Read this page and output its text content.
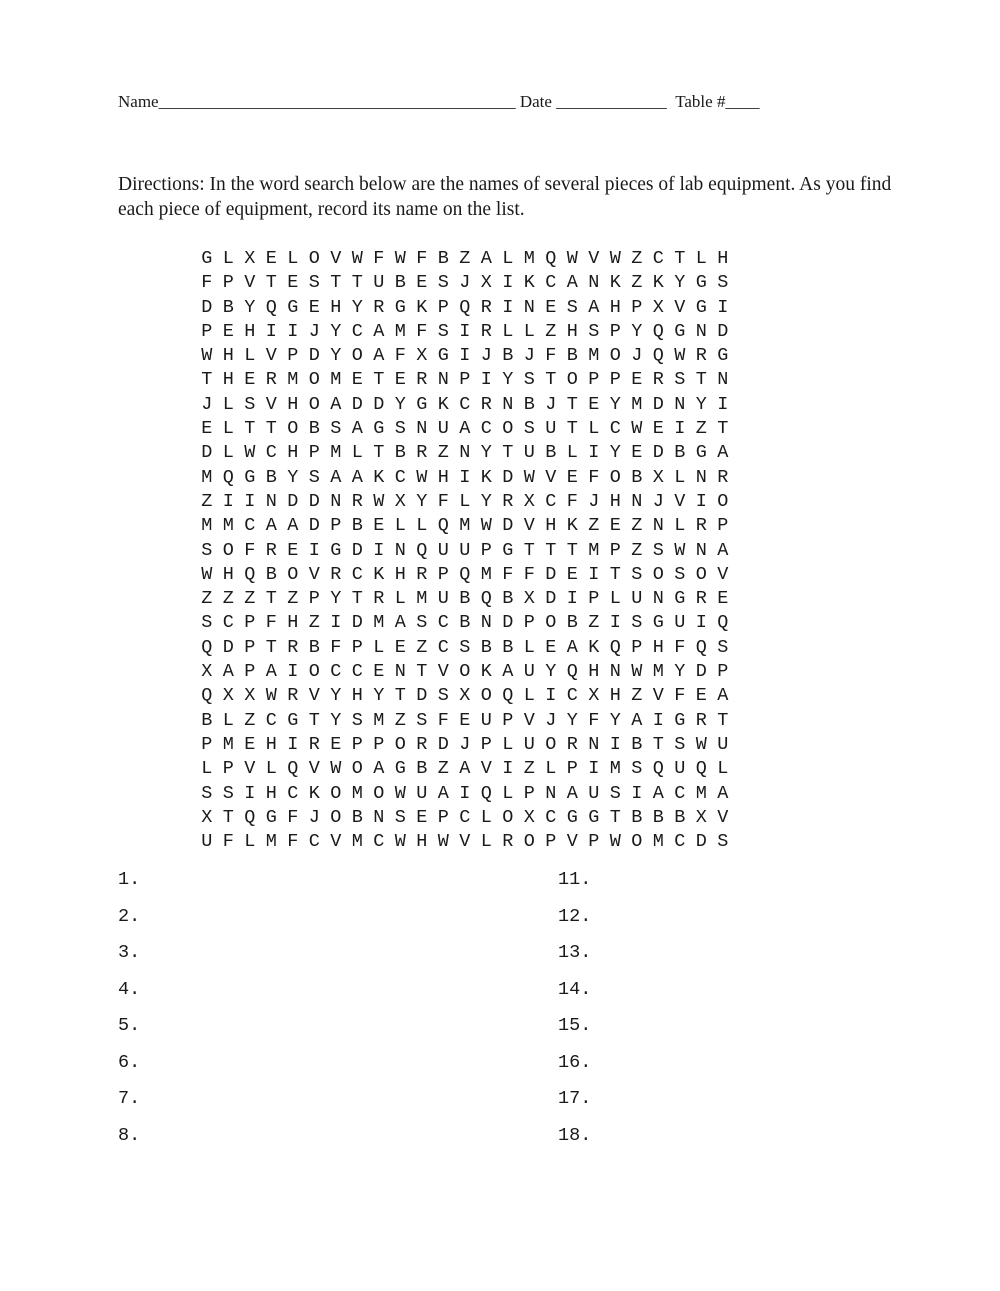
Name__________________________________________ Date _____________ Table #____
Directions: In the word search below are the names of several pieces of lab equipment. As you find each piece of equipment, record its name on the list.
G L X E L O V W F W F B Z A L M Q W V W Z C T L H
F P V T E S T T U B E S J X I K C A N K Z K Y G S
D B Y Q G E H Y R G K P Q R I N E S A H P X V G I
P E H I I J Y C A M F S I R L L Z H S P Y Q G N D
W H L V P D Y O A F X G I J B J F B M O J Q W R G
T H E R M O M E T E R N P I Y S T O P P E R S T N
J L S V H O A D D Y G K C R N B J T E Y M D N Y I
E L T T O B S A G S N U A C O S U T L C W E I Z T
D L W C H P M L T B R Z N Y T U B L I Y E D B G A
M Q G B Y S A A K C W H I K D W V E F O B X L N R
Z I I N D D N R W X Y F L Y R X C F J H N J V I O
M M C A A D P B E L L Q M W D V H K Z E Z N L R P
S O F R E I G D I N Q U U P G T T T M P Z S W N A
W H Q B O V R C K H R P Q M F F D E I T S O S O V
Z Z Z T Z P Y T R L M U B Q B X D I P L U N G R E
S C P F H Z I D M A S C B N D P O B Z I S G U I Q
Q D P T R B F P L E Z C S B B L E A K Q P H F Q S
X A P A I O C C E N T V O K A U Y Q H N W M Y D P
Q X X W R V Y H Y T D S X O Q L I C X H Z V F E A
B L Z C G T Y S M Z S F E U P V J Y F Y A I G R T
P M E H I R E P P O R D J P L U O R N I B T S W U
L P V L Q V W O A G B Z A V I Z L P I M S Q U Q L
S S I H C K O M O W U A I Q L P N A U S I A C M A
X T Q G F J O B N S E P C L O X C G G T B B B X V
U F L M F C V M C W H W V L R O P V P W O M C D S
1.
2.
3.
4.
5.
6.
7.
8.
11.
12.
13.
14.
15.
16.
17.
18.
